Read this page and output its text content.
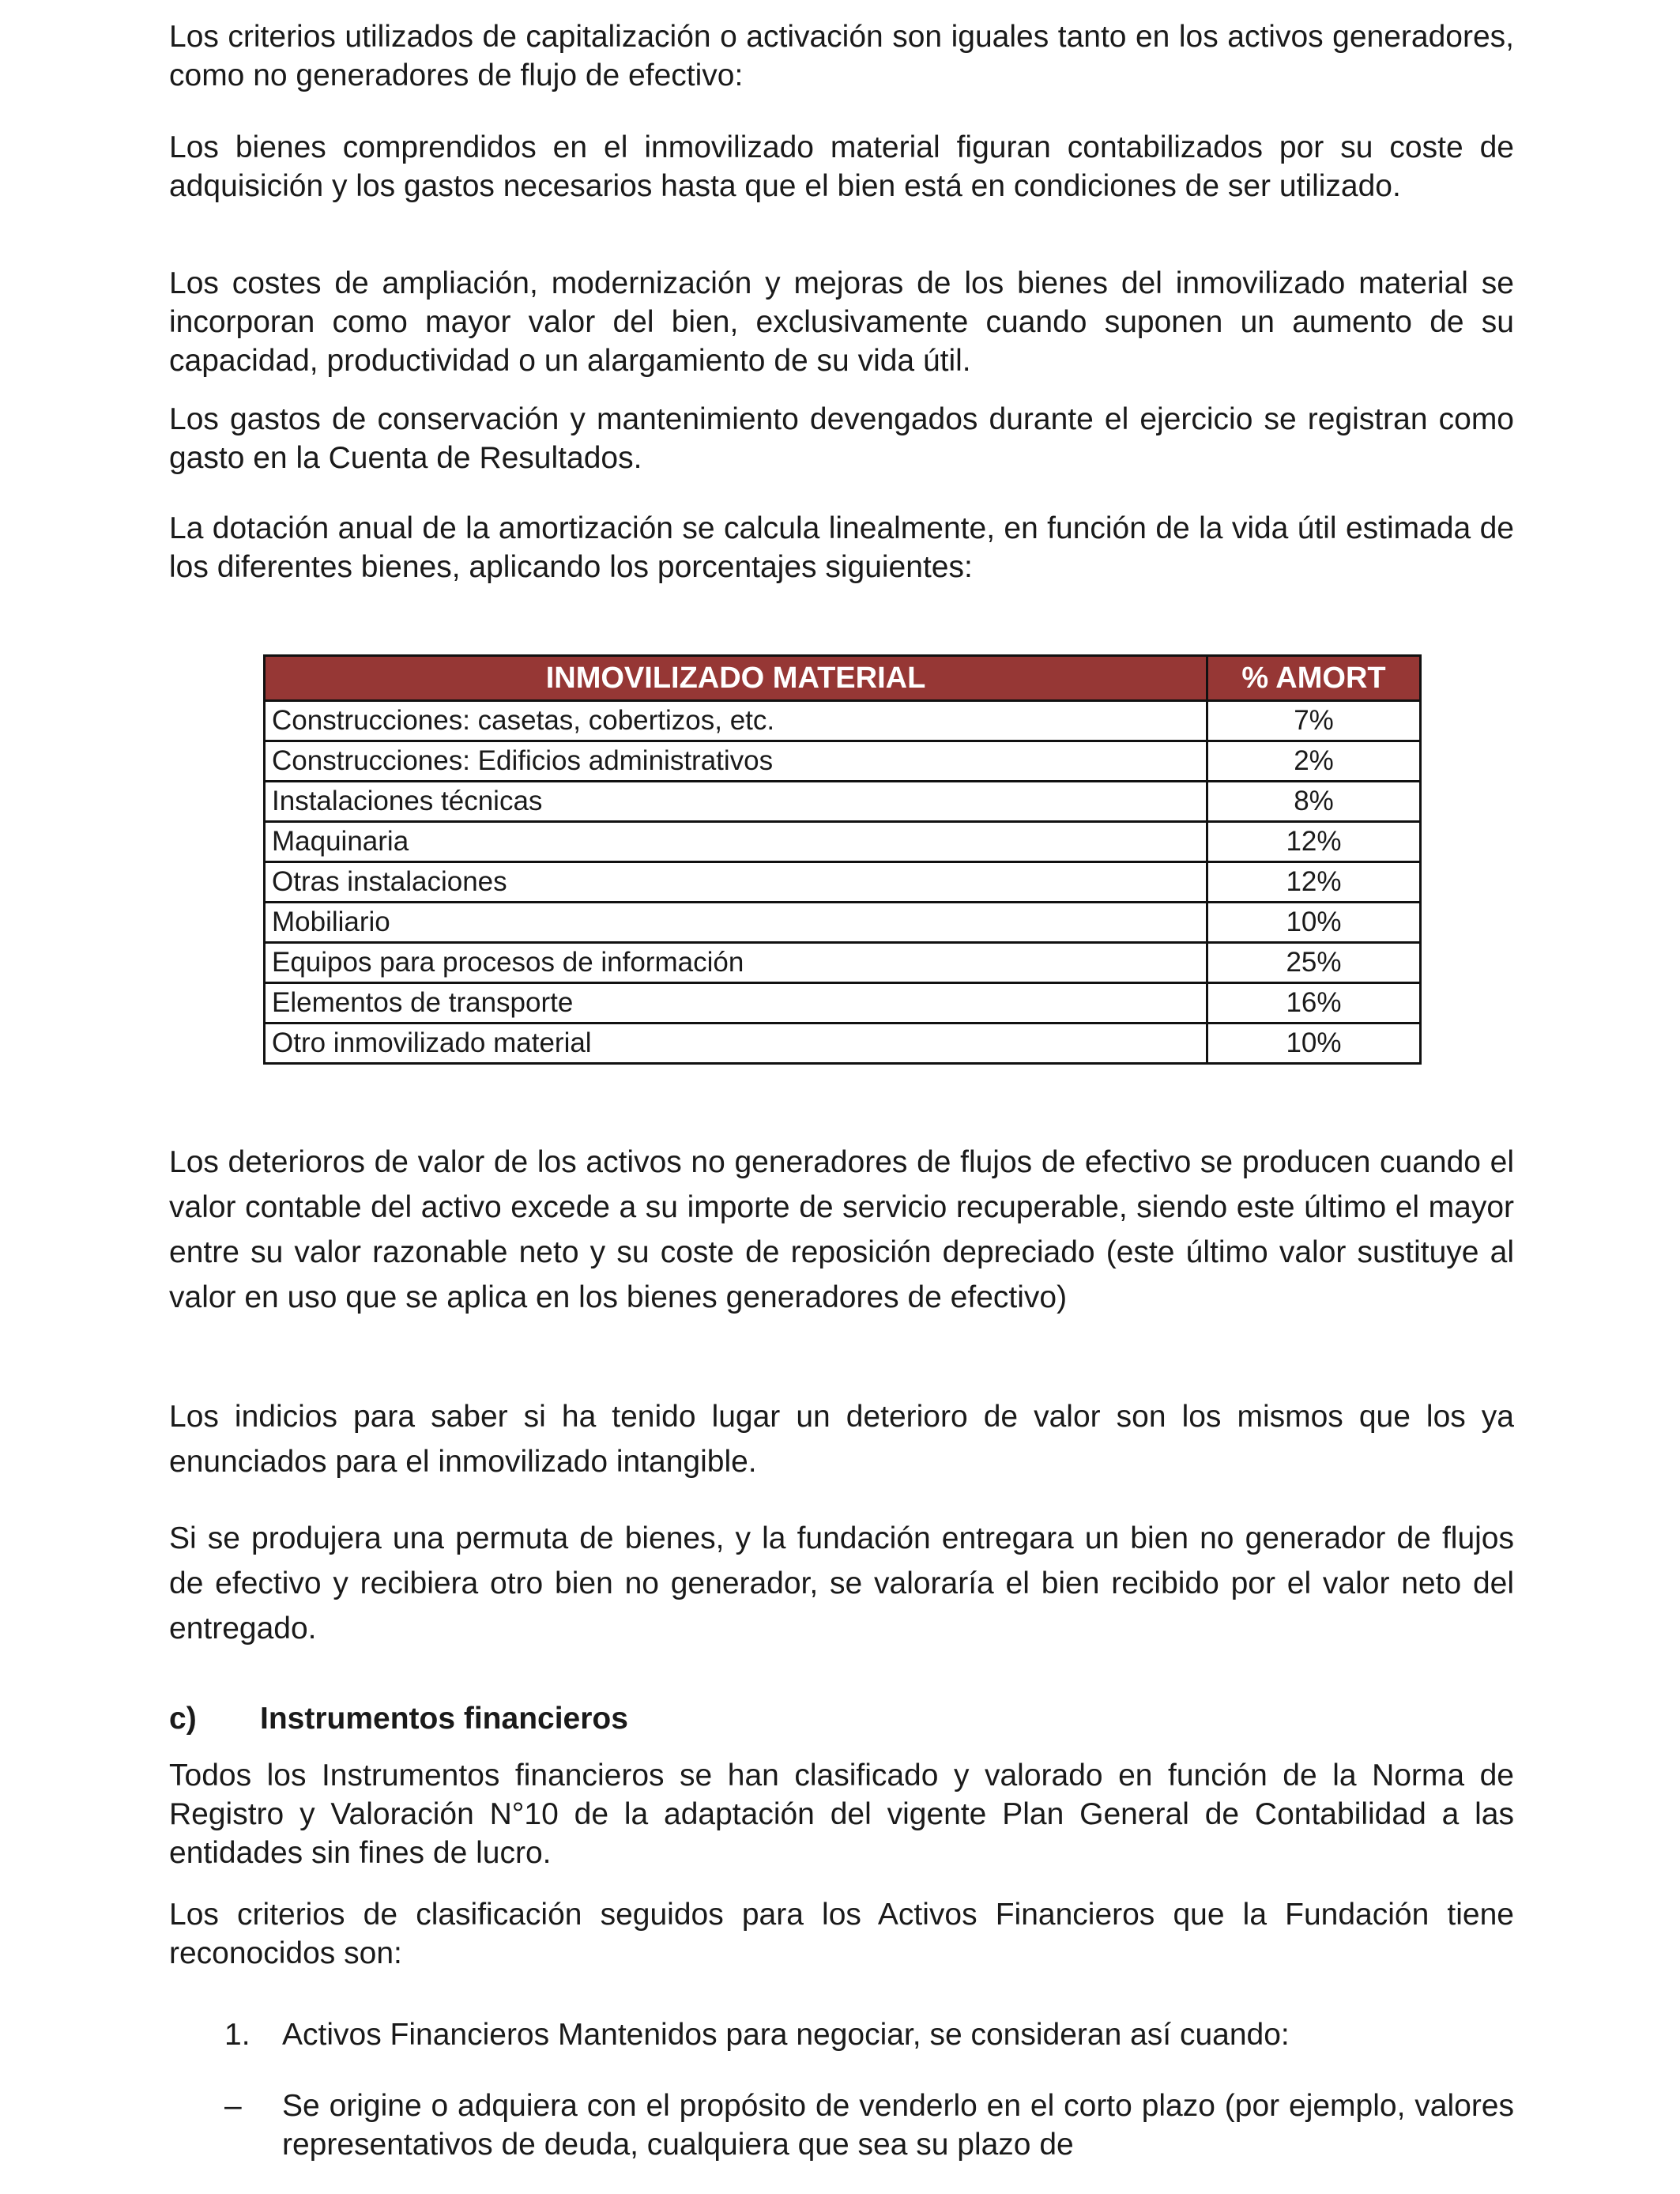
Los criterios utilizados de capitalización o activación son iguales tanto en los activos generadores, como no generadores de flujo de efectivo:

Los bienes comprendidos en el inmovilizado material figuran contabilizados por su coste de adquisición y los gastos necesarios hasta que el bien está en condiciones de ser utilizado.

Los costes de ampliación, modernización y mejoras de los bienes del inmovilizado material se incorporan como mayor valor del bien, exclusivamente cuando suponen un aumento de su capacidad, productividad o un alargamiento de su vida útil.

Los gastos de conservación y mantenimiento devengados durante el ejercicio se registran como gasto en la Cuenta de Resultados.

La dotación anual de la amortización se calcula linealmente, en función de la vida útil estimada de los diferentes bienes, aplicando los porcentajes siguientes:

INMOVILIZADO MATERIAL	% AMORT
Construcciones: casetas, cobertizos, etc.	7%
Construcciones: Edificios administrativos	2%
Instalaciones técnicas	8%
Maquinaria	12%
Otras instalaciones	12%
Mobiliario	10%
Equipos para procesos de información	25%
Elementos de transporte	16%
Otro inmovilizado material	10%

Los deterioros de valor de los activos no generadores de flujos de efectivo se producen cuando el valor contable del activo excede a su importe de servicio recuperable, siendo este último el mayor entre su valor razonable neto y su coste de reposición depreciado (este último valor sustituye al valor en uso que se aplica en los bienes generadores de efectivo)

Los indicios para saber si ha tenido lugar un deterioro de valor son los mismos que los ya enunciados para el inmovilizado intangible.

Si se produjera una permuta de bienes, y la fundación entregara un bien no generador de flujos de efectivo y recibiera otro bien no generador, se valoraría el bien recibido por el valor neto del entregado.

c)	Instrumentos financieros

Todos los Instrumentos financieros se han clasificado y valorado en función de la Norma de Registro y Valoración N°10 de la adaptación del vigente Plan General de Contabilidad a las entidades sin fines de lucro.

Los criterios de clasificación seguidos para los Activos Financieros que la Fundación tiene reconocidos son:

1.	Activos Financieros Mantenidos para negociar, se consideran así cuando:
–	Se origine o adquiera con el propósito de venderlo en el corto plazo (por ejemplo, valores representativos de deuda, cualquiera que sea su plazo de
